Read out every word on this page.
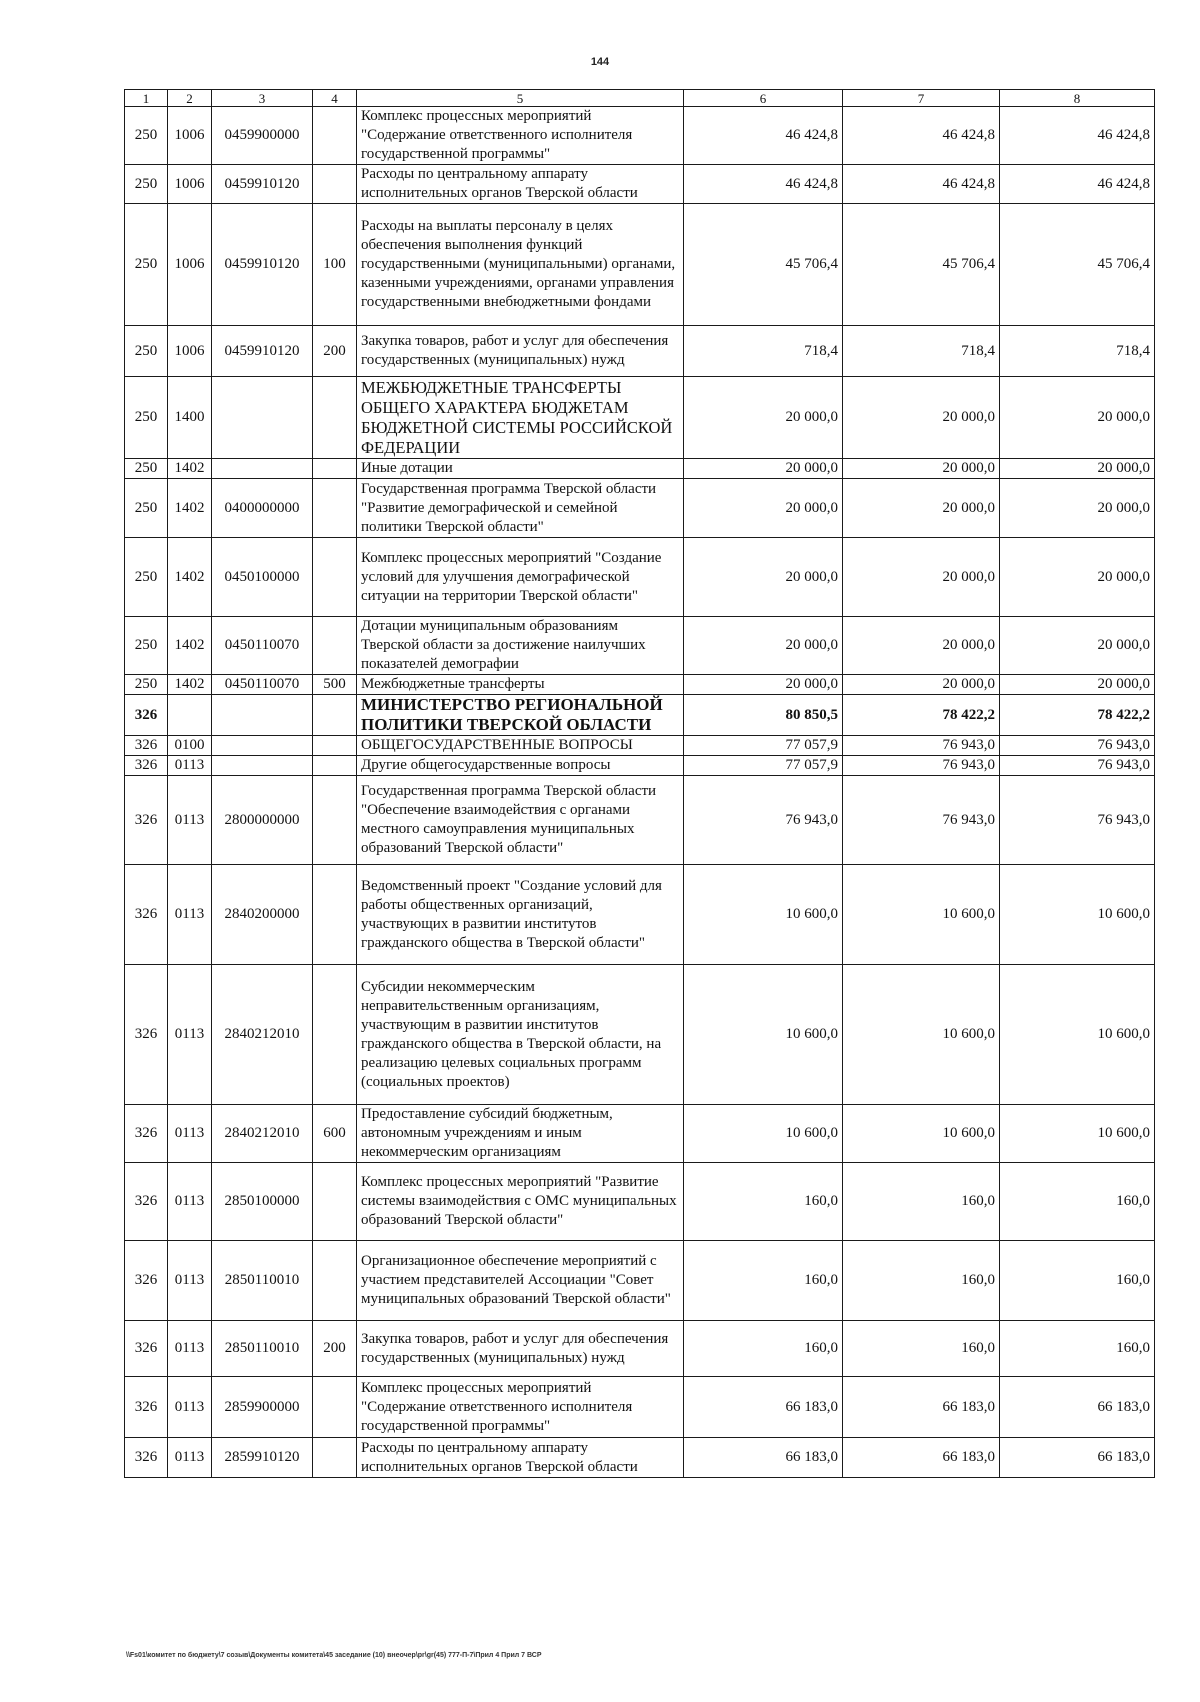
144
1	2	3	4	5	6	7	8
250	1006	0459900000		Комплекс процессных мероприятий "Содержание ответственного исполнителя государственной программы"	46 424,8	46 424,8	46 424,8
250	1006	0459910120		Расходы по центральному аппарату исполнительных органов Тверской области	46 424,8	46 424,8	46 424,8
250	1006	0459910120	100	Расходы на выплаты персоналу в целях обеспечения выполнения функций государственными (муниципальными) органами, казенными учреждениями, органами управления государственными внебюджетными фондами	45 706,4	45 706,4	45 706,4
250	1006	0459910120	200	Закупка товаров, работ и услуг для обеспечения государственных (муниципальных) нужд	718,4	718,4	718,4
250	1400			МЕЖБЮДЖЕТНЫЕ ТРАНСФЕРТЫ ОБЩЕГО ХАРАКТЕРА БЮДЖЕТАМ БЮДЖЕТНОЙ СИСТЕМЫ РОССИЙСКОЙ ФЕДЕРАЦИИ	20 000,0	20 000,0	20 000,0
250	1402			Иные дотации	20 000,0	20 000,0	20 000,0
250	1402	0400000000		Государственная программа Тверской области "Развитие демографической и семейной политики Тверской области"	20 000,0	20 000,0	20 000,0
250	1402	0450100000		Комплекс процессных мероприятий "Создание условий для улучшения демографической ситуации на территории Тверской области"	20 000,0	20 000,0	20 000,0
250	1402	0450110070		Дотации муниципальным образованиям Тверской области за достижение наилучших показателей демографии	20 000,0	20 000,0	20 000,0
250	1402	0450110070	500	Межбюджетные трансферты	20 000,0	20 000,0	20 000,0
326				МИНИСТЕРСТВО РЕГИОНАЛЬНОЙ ПОЛИТИКИ ТВЕРСКОЙ ОБЛАСТИ	80 850,5	78 422,2	78 422,2
326	0100			ОБЩЕГОСУДАРСТВЕННЫЕ ВОПРОСЫ	77 057,9	76 943,0	76 943,0
326	0113			Другие общегосударственные вопросы	77 057,9	76 943,0	76 943,0
326	0113	2800000000		Государственная программа Тверской области "Обеспечение взаимодействия с органами местного самоуправления муниципальных образований Тверской области"	76 943,0	76 943,0	76 943,0
326	0113	2840200000		Ведомственный проект "Создание условий для работы общественных организаций, участвующих в развитии институтов гражданского общества в Тверской области"	10 600,0	10 600,0	10 600,0
326	0113	2840212010		Субсидии некоммерческим неправительственным организациям, участвующим в развитии институтов гражданского общества в Тверской области, на реализацию целевых социальных программ (социальных проектов)	10 600,0	10 600,0	10 600,0
326	0113	2840212010	600	Предоставление субсидий бюджетным, автономным учреждениям и иным некоммерческим организациям	10 600,0	10 600,0	10 600,0
326	0113	2850100000		Комплекс процессных мероприятий "Развитие системы взаимодействия с ОМС муниципальных образований Тверской области"	160,0	160,0	160,0
326	0113	2850110010		Организационное обеспечение мероприятий с участием представителей Ассоциации "Совет муниципальных образований Тверской области"	160,0	160,0	160,0
326	0113	2850110010	200	Закупка товаров, работ и услуг для обеспечения государственных (муниципальных) нужд	160,0	160,0	160,0
326	0113	2859900000		Комплекс процессных мероприятий "Содержание ответственного исполнителя государственной программы"	66 183,0	66 183,0	66 183,0
326	0113	2859910120		Расходы по центральному аппарату исполнительных органов Тверской области	66 183,0	66 183,0	66 183,0
\\Fs01\комитет по бюджету\7 созыв\Документы комитета\45 заседание (10) внеочер\pr\gr(45) 777-П-7\Прил 4 Прил 7 ВСР
